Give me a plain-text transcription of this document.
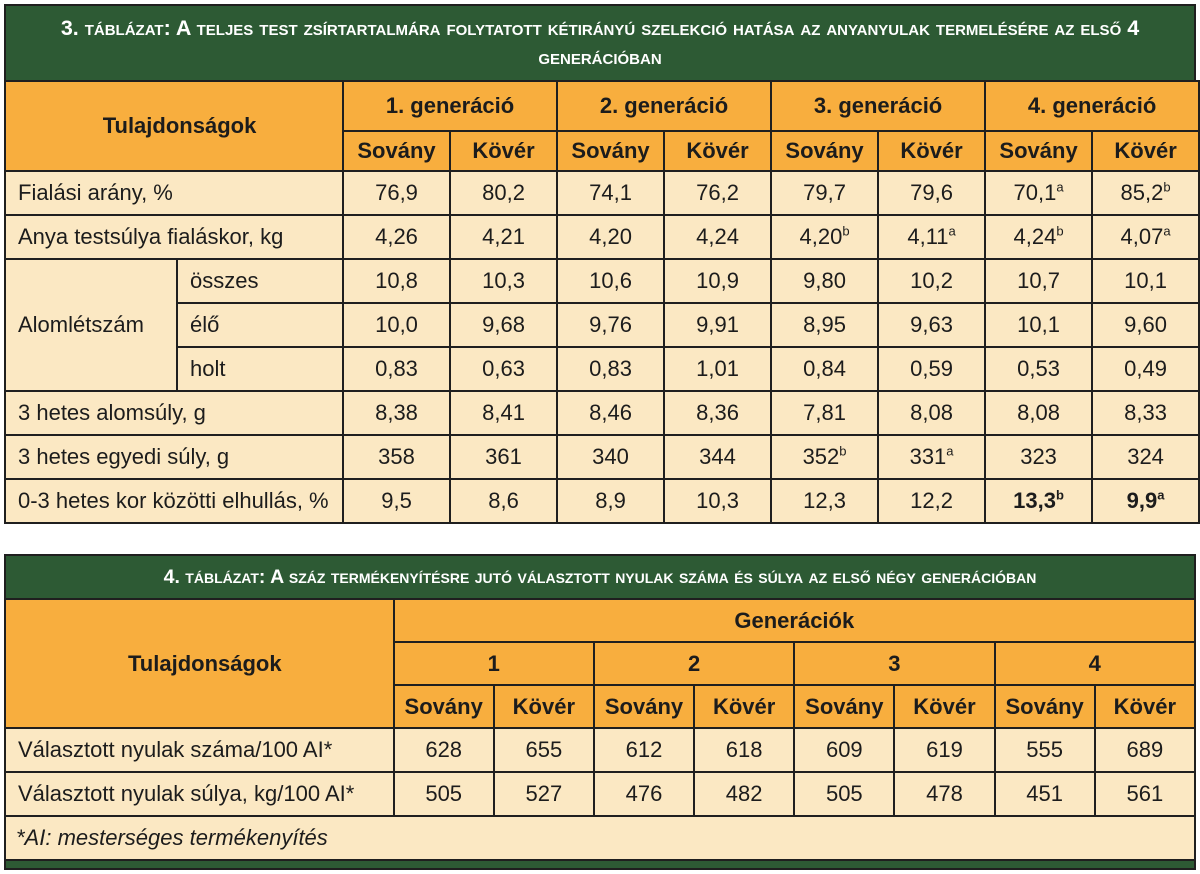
3. táblázat: A teljes test zsírtartalmára folytatott kétirányú szelekció hatása az anyanyulak termelésére az első 4 generációban
Tulajdonságok		1. generáció		2. generáció		3. generáció		4. generáció	
		Sovány	Kövér	Sovány	Kövér	Sovány	Kövér	Sovány	Kövér
Fialási arány, %		76,9	80,2	74,1	76,2	79,7	79,6	70,1$^a$	85,2$^b$
Anya testsúlya fialáskor, kg		4,26	4,21	4,20	4,24	4,20$^b$	4,11$^a$	4,24$^b$	4,07$^a$
Alomlétszám	összes	10,8	10,3	10,6	10,9	9,80	10,2	10,7	10,1
	élő	10,0	9,68	9,76	9,91	8,95	9,63	10,1	9,60
	holt	0,83	0,63	0,83	1,01	0,84	0,59	0,53	0,49
3 hetes alomsúly, g		8,38	8,41	8,46	8,36	7,81	8,08	8,08	8,33
3 hetes egyedi súly, g		358	361	340	344	352$^b$	331$^a$	323	324
0-3 hetes kor közötti elhullás, %		9,5	8,6	8,9	10,3	12,3	12,2	13,3$^b$	9,9$^a$
4. táblázat: A száz termékenyítésre jutó választott nyulak száma és súlya az első négy generációban
Tulajdonságok	Generációk							
	1		2		3		4	
	Sovány	Kövér	Sovány	Kövér	Sovány	Kövér	Sovány	Kövér
Választott nyulak száma/100 AI*	628	655	612	618	609	619	555	689
Választott nyulak súlya, kg/100 AI*	505	527	476	482	505	478	451	561
*AI: mesterséges termékenyítés								
